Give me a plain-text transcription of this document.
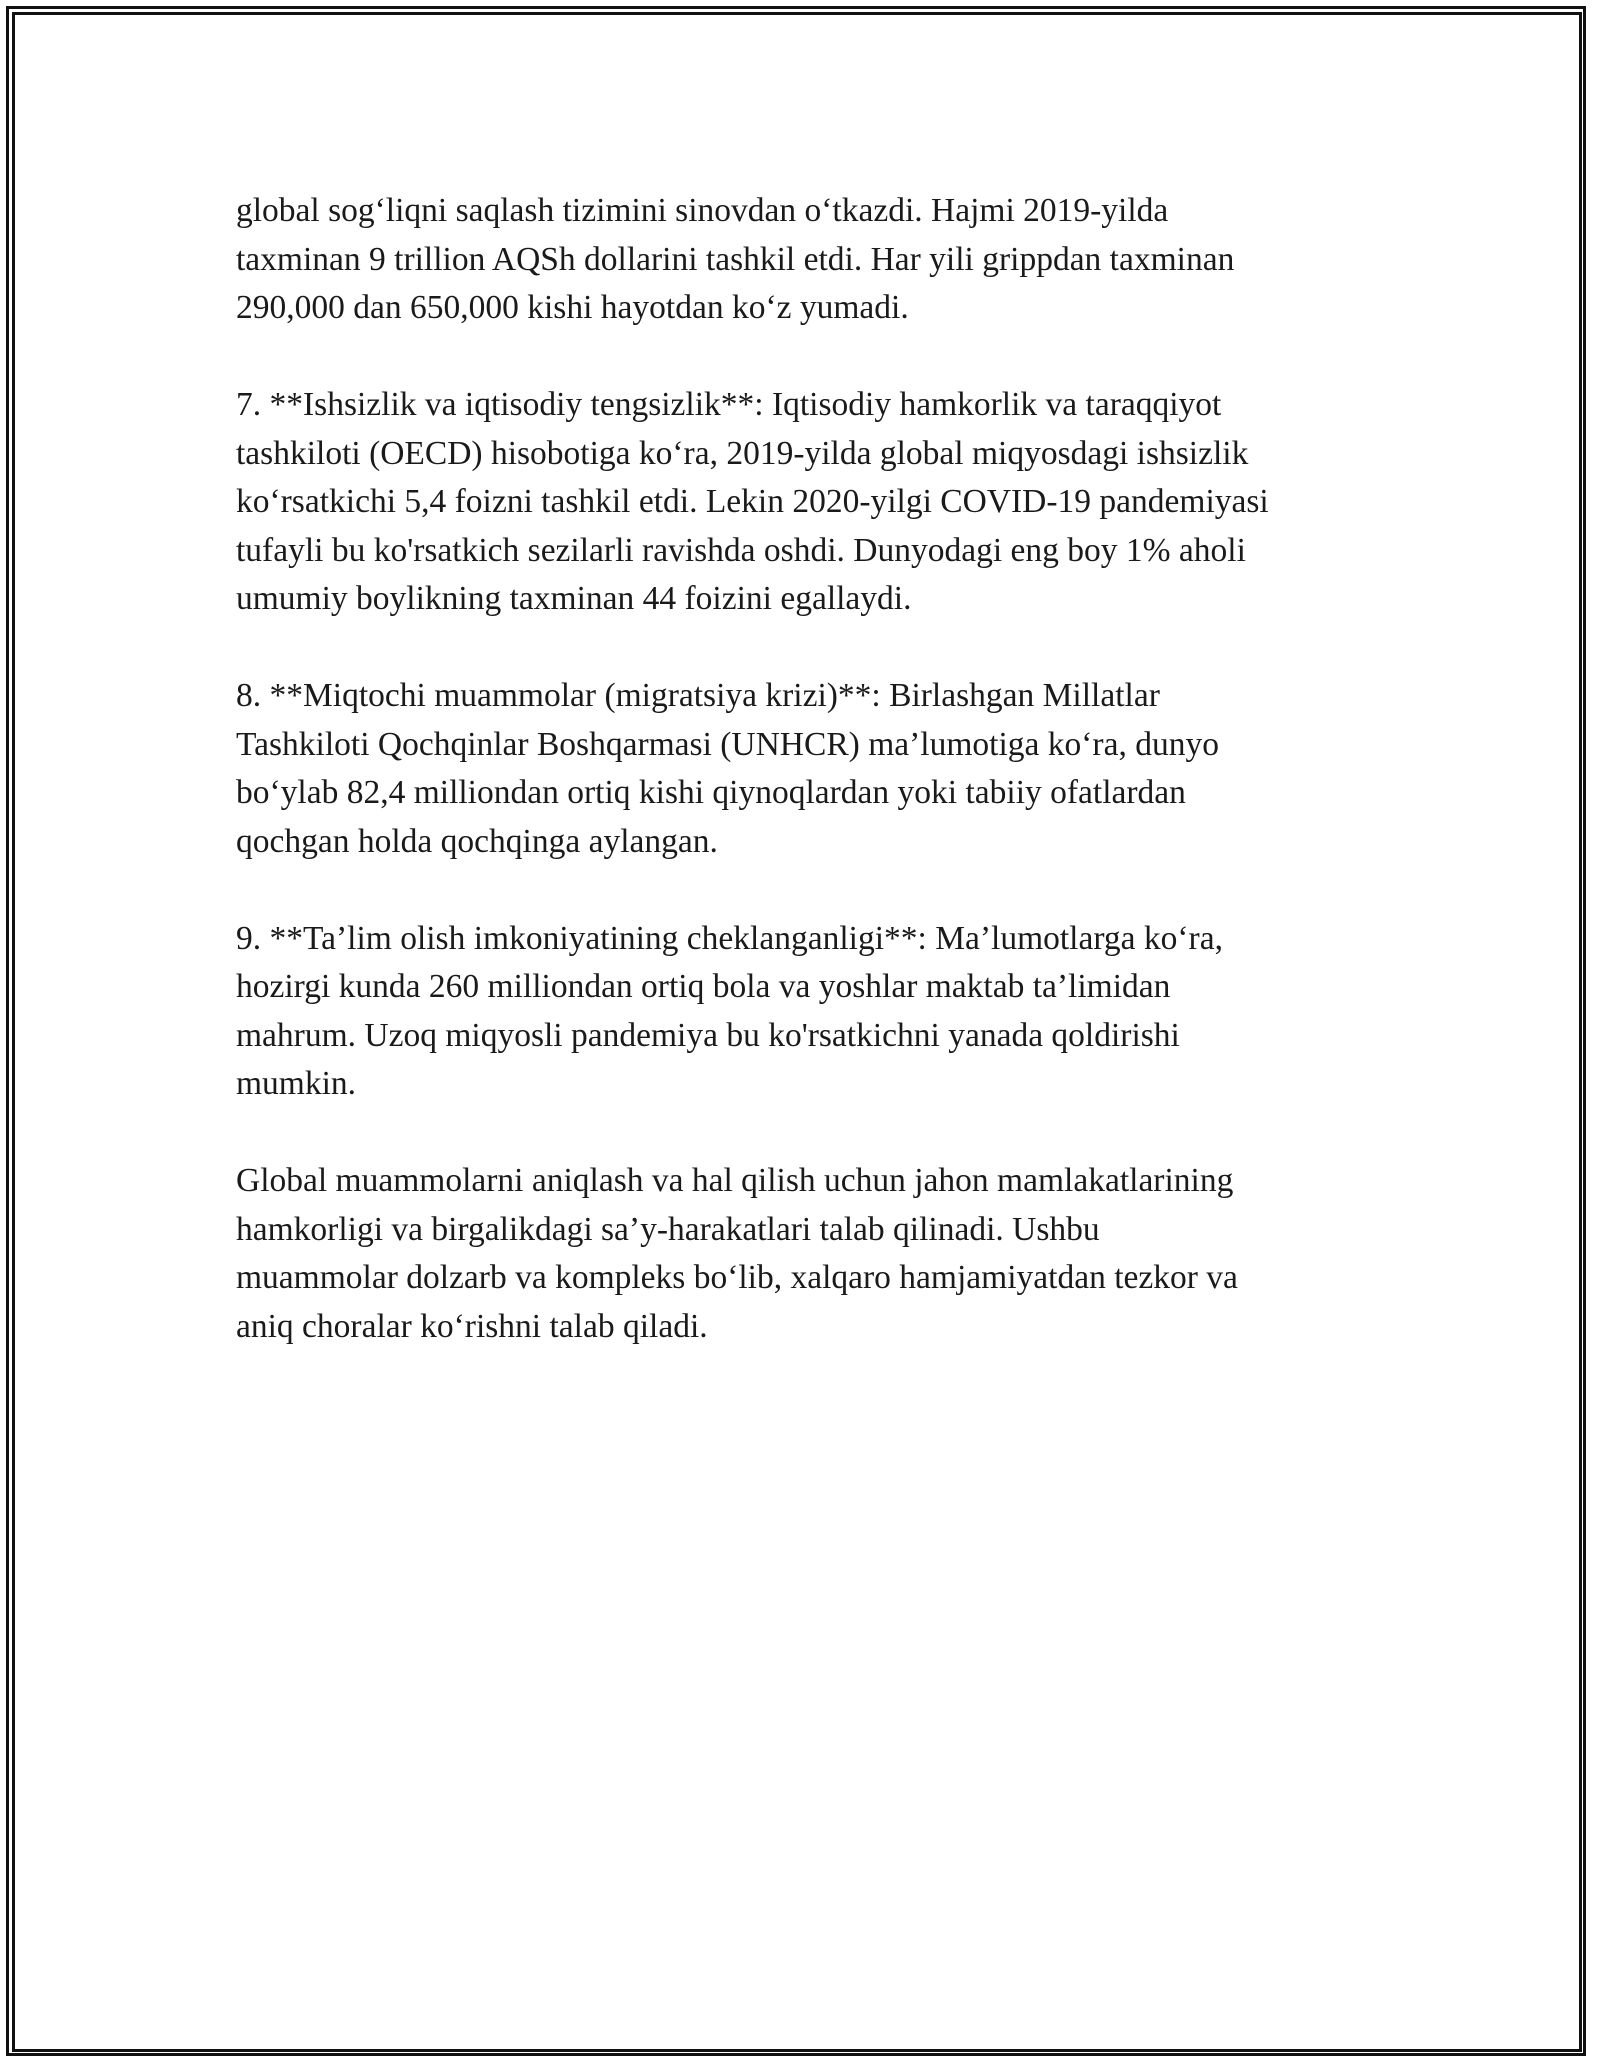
global sog‘liqni saqlash tizimini sinovdan o‘tkazdi. Hajmi 2019-yilda
taxminan 9 trillion AQSh dollarini tashkil etdi. Har yili grippdan taxminan
290,000 dan 650,000 kishi hayotdan ko‘z yumadi.

7. **Ishsizlik va iqtisodiy tengsizlik**: Iqtisodiy hamkorlik va taraqqiyot
tashkiloti (OECD) hisobotiga ko‘ra, 2019-yilda global miqyosdagi ishsizlik
ko‘rsatkichi 5,4 foizni tashkil etdi. Lekin 2020-yilgi COVID-19 pandemiyasi
tufayli bu ko'rsatkich sezilarli ravishda oshdi. Dunyodagi eng boy 1% aholi
umumiy boylikning taxminan 44 foizini egallaydi.

8. **Miqtochi muammolar (migratsiya krizi)**: Birlashgan Millatlar
Tashkiloti Qochqinlar Boshqarmasi (UNHCR) ma’lumotiga ko‘ra, dunyo
bo‘ylab 82,4 milliondan ortiq kishi qiynoqlardan yoki tabiiy ofatlardan
qochgan holda qochqinga aylangan.

9. **Ta’lim olish imkoniyatining cheklanganligi**: Ma’lumotlarga ko‘ra,
hozirgi kunda 260 milliondan ortiq bola va yoshlar maktab ta’limidan
mahrum. Uzoq miqyosli pandemiya bu ko'rsatkichni yanada qoldirishi
mumkin.

Global muammolarni aniqlash va hal qilish uchun jahon mamlakatlarining
hamkorligi va birgalikdagi sa’y-harakatlari talab qilinadi. Ushbu
muammolar dolzarb va kompleks bo‘lib, xalqaro hamjamiyatdan tezkor va
aniq choralar ko‘rishni talab qiladi.
